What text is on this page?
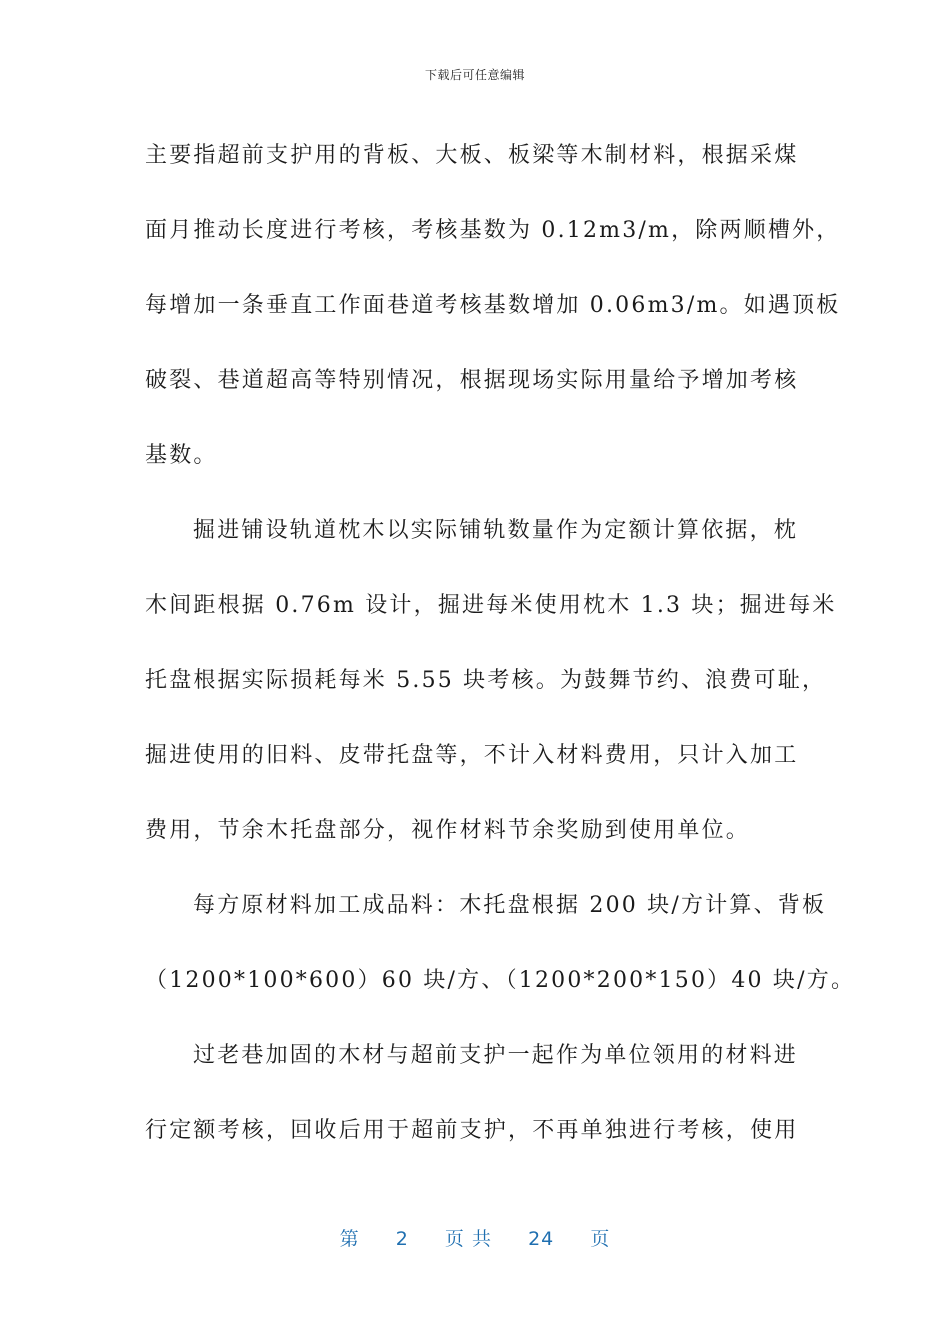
下载后可任意编辑
主要指超前支护用的背板、大板、板梁等木制材料，根据采煤
面月推动长度进行考核，考核基数为 0.12m3/m，除两顺槽外，
每增加一条垂直工作面巷道考核基数增加 0.06m3/m。如遇顶板
破裂、巷道超高等特别情况，根据现场实际用量给予增加考核
基数。
掘进铺设轨道枕木以实际铺轨数量作为定额计算依据，枕
木间距根据 0.76m 设计，掘进每米使用枕木 1.3 块；掘进每米
托盘根据实际损耗每米 5.55 块考核。为鼓舞节约、浪费可耻，
掘进使用的旧料、皮带托盘等，不计入材料费用，只计入加工
费用，节余木托盘部分，视作材料节余奖励到使用单位。
每方原材料加工成品料：木托盘根据 200 块/方计算、背板
（1200*100*600）60 块/方、（1200*200*150）40 块/方。
过老巷加固的木材与超前支护一起作为单位领用的材料进
行定额考核，回收后用于超前支护，不再单独进行考核，使用
第 2 页 共 24 页
